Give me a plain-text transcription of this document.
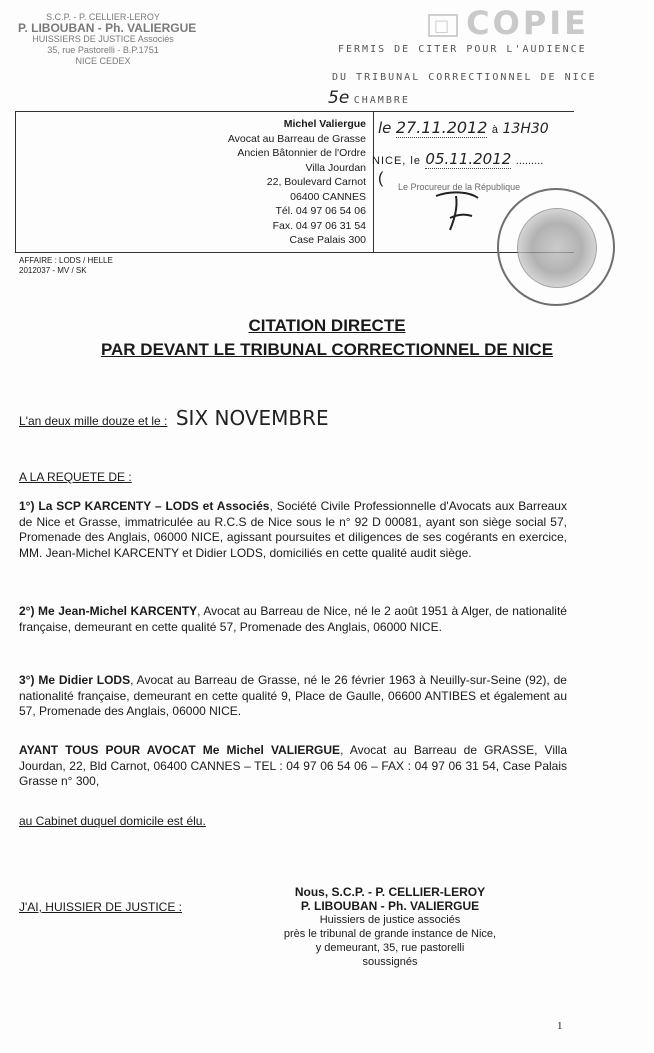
S.C.P. - P. CELLIER-LEROY
P. LIBOUBAN - Ph. VALIERGUE
HUISSIERS DE JUSTICE Associés
35, rue Pastorelli - B.P.1751
NICE CEDEX
□ COPIE
FERMIS DE CITER POUR L'AUDIENCE
DU TRIBUNAL CORRECTIONNEL DE NICE
5e CHAMBRE
Michel Valiergue
Avocat au Barreau de Grasse
Ancien Bâtonnier de l'Ordre
Villa Jourdan
22, Boulevard Carnot
06400 CANNES
Tél. 04 97 06 54 06
Fax. 04 97 06 31 54
Case Palais 300
le 27.11.2012 à 13H30
NICE, le 05.11.2012 .........
Le Procureur de la République
(
AFFAIRE : LODS / HELLE
2012037 - MV / SK
CITATION DIRECTE
PAR DEVANT LE TRIBUNAL CORRECTIONNEL DE NICE
L'an deux mille douze et le : SIX NOVEMBRE
A LA REQUETE DE :
1°) La SCP KARCENTY – LODS et Associés, Société Civile Professionnelle d'Avocats aux Barreaux de Nice et Grasse, immatriculée au R.C.S de Nice sous le n° 92 D 00081, ayant son siège social 57, Promenade des Anglais, 06000 NICE, agissant poursuites et diligences de ses cogérants en exercice, MM. Jean-Michel KARCENTY et Didier LODS, domiciliés en cette qualité audit siège.
2°) Me Jean-Michel KARCENTY, Avocat au Barreau de Nice, né le 2 août 1951 à Alger, de nationalité française, demeurant en cette qualité 57, Promenade des Anglais, 06000 NICE.
3°) Me Didier LODS, Avocat au Barreau de Grasse, né le 26 février 1963 à Neuilly-sur-Seine (92), de nationalité française, demeurant en cette qualité 9, Place de Gaulle, 06600 ANTIBES et également au 57, Promenade des Anglais, 06000 NICE.
AYANT TOUS POUR AVOCAT Me Michel VALIERGUE, Avocat au Barreau de GRASSE, Villa Jourdan, 22, Bld Carnot, 06400 CANNES – TEL : 04 97 06 54 06 – FAX : 04 97 06 31 54, Case Palais Grasse n° 300,
au Cabinet duquel domicile est élu.
J'AI, HUISSIER DE JUSTICE :
Nous, S.C.P. - P. CELLIER-LEROY
P. LIBOUBAN - Ph. VALIERGUE
Huissiers de justice associés
près le tribunal de grande instance de Nice,
y demeurant, 35, rue pastorelli
soussignés
1
